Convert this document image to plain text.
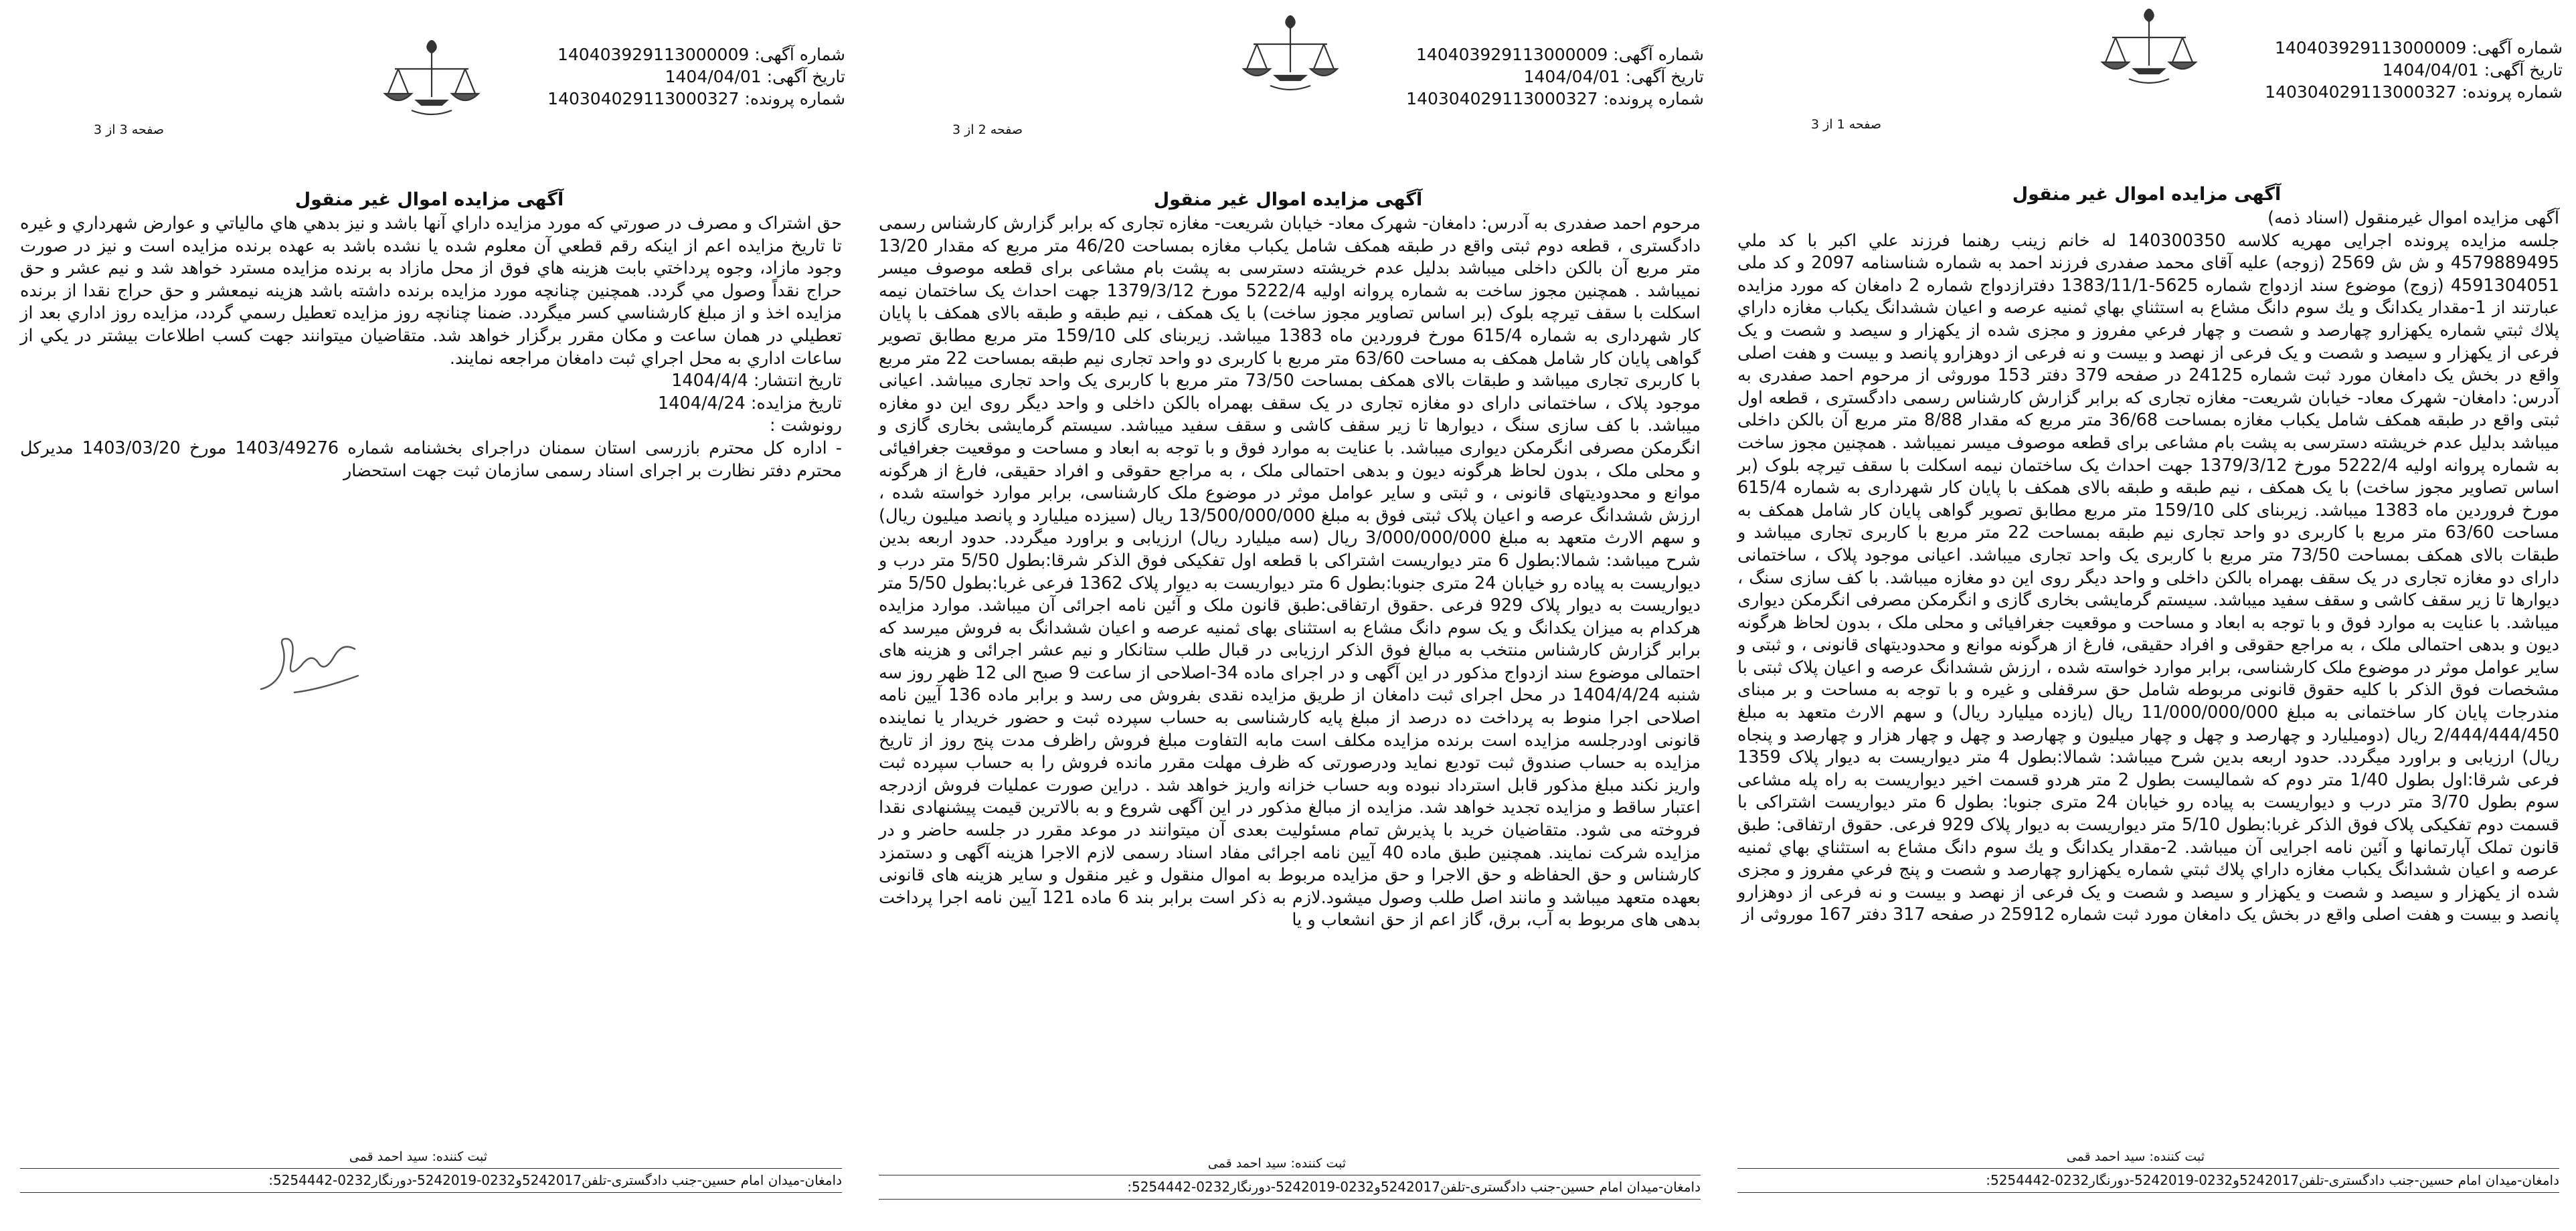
شماره آگهی: 140403929113000009
تاریخ آگهی: 1404/04/01
شماره پرونده: 140304029113000327
صفحه 1 از 3
آگهی مزایده اموال غیر منقول

آگهی مزایده اموال غیرمنقول (اسناد ذمه)

جلسه مزایده پرونده اجرایی مهریه کلاسه 140300350 له خانم زینب رهنما فرزند علي اكبر با كد ملي 4579889495 و ش ش 2569 (زوجه) علیه آقای محمد صفدری فرزند احمد به شماره شناسنامه 2097 و کد ملی 4591304051 (زوج) موضوع سند ازدواج شماره 5625-1383/11/1 دفترازدواج شماره 2 دامغان که مورد مزایده عبارتند از 1-مقدار يكدانگ و يك سوم دانگ مشاع به استثناي بهاي ثمنيه عرصه و اعيان ششدانگ يكباب مغازه داراي پلاك ثبتي شماره يكهزارو چهارصد و شصت و چهار فرعي مفروز و مجزی شده از یکهزار و سیصد و شصت و یک فرعی از یکهزار و سیصد و شصت و یک فرعی از نهصد و بیست و نه فرعی از دوهزارو پانصد و بیست و هفت اصلی واقع در بخش یک دامغان مورد ثبت شماره 24125 در صفحه 379 دفتر 153 موروثی از مرحوم احمد صفدری به آدرس: دامغان- شهرک معاد- خیابان شریعت- مغازه تجاری که برابر گزارش کارشناس رسمی دادگستری ، قطعه اول ثبتی واقع در طبقه همکف شامل یکباب مغازه بمساحت 36/68 متر مربع که مقدار 8/88 متر مربع آن بالکن داخلی میباشد بدلیل عدم خریشته دسترسی به پشت بام مشاعی برای قطعه موصوف میسر نمیباشد . همچنین مجوز ساخت به شماره پروانه اولیه 5222/4 مورخ 1379/3/12 جهت احداث یک ساختمان نیمه اسکلت با سقف تیرچه بلوک (بر اساس تصاویر مجوز ساخت) با یک همکف ، نیم طبقه و طبقه بالای همکف با پایان کار شهرداری به شماره 615/4 مورخ فروردین ماه 1383 میباشد. زیربنای کلی 159/10 متر مربع مطابق تصویر گواهی پایان کار شامل همکف به مساحت 63/60 متر مربع با کاربری دو واحد تجاری نیم طبقه بمساحت 22 متر مربع با کاربری تجاری میباشد و طبقات بالای همکف بمساحت 73/50 متر مربع با کاربری یک واحد تجاری میباشد. اعیانی موجود پلاک ، ساختمانی دارای دو مغازه تجاری در یک سقف بهمراه بالکن داخلی و واحد دیگر روی این دو مغازه میباشد. با کف سازی سنگ ، دیوارها تا زیر سقف کاشی و سقف سفید میباشد. سیستم گرمایشی بخاری گازی و انگرمکن مصرفی انگرمکن دیواری میباشد. با عنایت به موارد فوق و با توجه به ابعاد و مساحت و موقعیت جغرافیائی و محلی ملک ، بدون لحاظ هرگونه دیون و بدهی احتمالی ملک ، به مراجع حقوقی و افراد حقیقی، فارغ از هرگونه موانع و محدودیتهای قانونی ، و ثبتی و سایر عوامل موثر در موضوع ملک کارشناسی، برابر موارد خواسته شده ، ارزش ششدانگ عرصه و اعیان پلاک ثبتی با مشخصات فوق الذکر با کلیه حقوق قانونی مربوطه شامل حق سرقفلی و غیره و با توجه به مساحت و بر مبنای مندرجات پایان کار ساختمانی به مبلغ 11/000/000/000 ریال (یازده میلیارد ریال) و سهم الارث متعهد به مبلغ 2/444/444/450 ریال (دومیلیارد و چهارصد و چهل و چهار میلیون و چهارصد و چهل و چهار هزار و چهارصد و پنجاه ریال) ارزیابی و براورد میگردد. حدود اربعه بدین شرح میباشد: شمالا:بطول 4 متر دیواریست به دیوار پلاک 1359 فرعی شرقا:اول بطول 1/40 متر دوم که شمالیست بطول 2 متر هردو قسمت اخیر دیواریست به راه پله مشاعی سوم بطول 3/70 متر درب و دیواریست به پیاده رو خیابان 24 متری جنوبا: بطول 6 متر دیواریست اشتراکی با قسمت دوم تفکیکی پلاک فوق الذکر غربا:بطول 5/10 متر دیواریست به دیوار پلاک 929 فرعی. حقوق ارتفاقی: طبق قانون تملک آپارتمانها و آئین نامه اجرایی آن میباشد. 2-مقدار يكدانگ و يك سوم دانگ مشاع به استثناي بهاي ثمنيه عرصه و اعيان ششدانگ يكباب مغازه داراي پلاك ثبتي شماره يكهزارو چهارصد و شصت و پنج فرعي مفروز و مجزی شده از یکهزار و سیصد و شصت و یکهزار و سیصد و شصت و یک فرعی از نهصد و بیست و نه فرعی از دوهزارو پانصد و بیست و هفت اصلی واقع در بخش یک دامغان مورد ثبت شماره 25912 در صفحه 317 دفتر 167 موروثی از

ثبت کننده: سید احمد قمی
دامغان-میدان امام حسین-جنب دادگستری-تلفن5242017و0232-5242019-دورنگار0232-5254442:
شماره آگهی: 140403929113000009
تاریخ آگهی: 1404/04/01
شماره پرونده: 140304029113000327
صفحه 2 از 3
آگهی مزایده اموال غیر منقول

مرحوم احمد صفدری به آدرس: دامغان- شهرک معاد- خیابان شریعت- مغازه تجاری که برابر گزارش کارشناس رسمی دادگستری ، قطعه دوم ثبتی واقع در طبقه همکف شامل یکباب مغازه بمساحت 46/20 متر مربع که مقدار 13/20 متر مربع آن بالکن داخلی میباشد بدلیل عدم خریشته دسترسی به پشت بام مشاعی برای قطعه موصوف میسر نمیباشد . همچنین مجوز ساخت به شماره پروانه اولیه 5222/4 مورخ 1379/3/12 جهت احداث یک ساختمان نیمه اسکلت با سقف تیرچه بلوک (بر اساس تصاویر مجوز ساخت) با یک همکف ، نیم طبقه و طبقه بالای همکف با پایان کار شهرداری به شماره 615/4 مورخ فروردین ماه 1383 میباشد. زیربنای کلی 159/10 متر مربع مطابق تصویر گواهی پایان کار شامل همکف به مساحت 63/60 متر مربع با کاربری دو واحد تجاری نیم طبقه بمساحت 22 متر مربع با کاربری تجاری میباشد و طبقات بالای همکف بمساحت 73/50 متر مربع با کاربری یک واحد تجاری میباشد. اعیانی موجود پلاک ، ساختمانی دارای دو مغازه تجاری در یک سقف بهمراه بالکن داخلی و واحد دیگر روی این دو مغازه میباشد. با کف سازی سنگ ، دیوارها تا زیر سقف کاشی و سقف سفید میباشد. سیستم گرمایشی بخاری گازی و انگرمکن مصرفی انگرمکن دیواری میباشد. با عنایت به موارد فوق و با توجه به ابعاد و مساحت و موقعیت جغرافیائی و محلی ملک ، بدون لحاظ هرگونه دیون و بدهی احتمالی ملک ، به مراجع حقوقی و افراد حقیقی، فارغ از هرگونه موانع و محدودیتهای قانونی ، و ثبتی و سایر عوامل موثر در موضوع ملک کارشناسی، برابر موارد خواسته شده ، ارزش ششدانگ عرصه و اعیان پلاک ثبتی فوق به مبلغ 13/500/000/000 ریال (سیزده میلیارد و پانصد میلیون ریال) و سهم الارث متعهد به مبلغ 3/000/000/000 ریال (سه میلیارد ریال) ارزیابی و براورد میگردد. حدود اربعه بدین شرح میباشد: شمالا:بطول 6 متر دیواریست اشتراکی با قطعه اول تفکیکی فوق الذکر شرقا:بطول 5/50 متر درب و دیواریست به پیاده رو خیابان 24 متری جنوبا:بطول 6 متر دیواریست به دیوار پلاک 1362 فرعی غربا:بطول 5/50 متر دیواریست به دیوار پلاک 929 فرعی .حقوق ارتفاقی:طبق قانون ملک و آئین نامه اجرائی آن میباشد. موارد مزایده هرکدام به میزان یکدانگ و یک سوم دانگ مشاع به استثنای بهای ثمنیه عرصه و اعیان ششدانگ به فروش میرسد که برابر گزارش کارشناس منتخب به مبالغ فوق الذکر ارزیابی در قبال طلب ستانکار و نیم عشر اجرائی و هزینه های احتمالی موضوع سند ازدواج مذکور در این آگهی و در اجرای ماده 34-اصلاحی از ساعت 9 صبح الی 12 ظهر روز سه شنبه 1404/4/24 در محل اجرای ثبت دامغان از طریق مزایده نقدی بفروش می رسد و برابر ماده 136 آیین نامه اصلاحی اجرا منوط به پرداخت ده درصد از مبلغ پایه کارشناسی به حساب سپرده ثبت و حضور خریدار یا نماینده قانونی اودرجلسه مزایده است برنده مزایده مکلف است مابه التفاوت مبلغ فروش راظرف مدت پنج روز از تاریخ مزایده به حساب صندوق ثبت تودیع نماید ودرصورتی که ظرف مهلت مقرر مانده فروش را به حساب سپرده ثبت واریز نکند مبلغ مذکور قابل استرداد نبوده وبه حساب خزانه واریز خواهد شد . دراین صورت عملیات فروش ازدرجه اعتبار ساقط و مزایده تجدید خواهد شد. مزایده از مبالغ مذکور در این آگهی شروع و به بالاترین قیمت پیشنهادی نقدا فروخته می شود. متقاضیان خرید با پذیرش تمام مسئولیت بعدی آن میتوانند در موعد مقرر در جلسه حاضر و در مزایده شرکت نمایند. همچنین طبق ماده 40 آیین نامه اجرائی مفاد اسناد رسمی لازم الاجرا هزینه آگهی و دستمزد کارشناس و حق الحفاظه و حق الاجرا و حق مزایده مربوط به اموال منقول و غیر منقول و سایر هزینه های قانونی بعهده متعهد میباشد و مانند اصل طلب وصول میشود.لازم به ذکر است برابر بند 6 ماده 121 آیین نامه اجرا پرداخت بدهی های مربوط به آب، برق، گاز اعم از حق انشعاب و یا

ثبت کننده: سید احمد قمی
دامغان-میدان امام حسین-جنب دادگستری-تلفن5242017و0232-5242019-دورنگار0232-5254442:
شماره آگهی: 140403929113000009
تاریخ آگهی: 1404/04/01
شماره پرونده: 140304029113000327
صفحه 3 از 3
آگهی مزایده اموال غیر منقول

حق اشتراک و مصرف در صورتي که مورد مزايده داراي آنها باشد و نيز بدهي هاي مالياتي و عوارض شهرداري و غيره تا تاريخ مزايده اعم از اينکه رقم قطعي آن معلوم شده يا نشده باشد به عهده برنده مزايده است و نيز در صورت وجود مازاد، وجوه پرداختي بابت هزينه هاي فوق از محل مازاد به برنده مزايده مسترد خواهد شد و نيم عشر و حق حراج نقداً وصول مي گردد. همچنين چنانچه مورد مزايده برنده داشته باشد هزينه نيمعشر و حق حراج نقدا از برنده مزايده اخذ و از مبلغ كارشناسي كسر ميگردد. ضمنا چنانچه روز مزايده تعطيل رسمي گردد، مزايده روز اداري بعد از تعطيلي در همان ساعت و مكان مقرر برگزار خواهد شد. متقاضيان ميتوانند جهت كسب اطلاعات بيشتر در يكي از ساعات اداري به محل اجراي ثبت دامغان مراجعه نمايند.

تاریخ انتشار: 1404/4/4

تاریخ مزایده: 1404/4/24

رونوشت :

- اداره کل محترم بازرسی استان سمنان دراجرای بخشنامه شماره 1403/49276 مورخ 1403/03/20 مدیرکل محترم دفتر نظارت بر اجرای اسناد رسمی سازمان ثبت جهت استحضار

ثبت کننده: سید احمد قمی
دامغان-میدان امام حسین-جنب دادگستری-تلفن5242017و0232-5242019-دورنگار0232-5254442:
